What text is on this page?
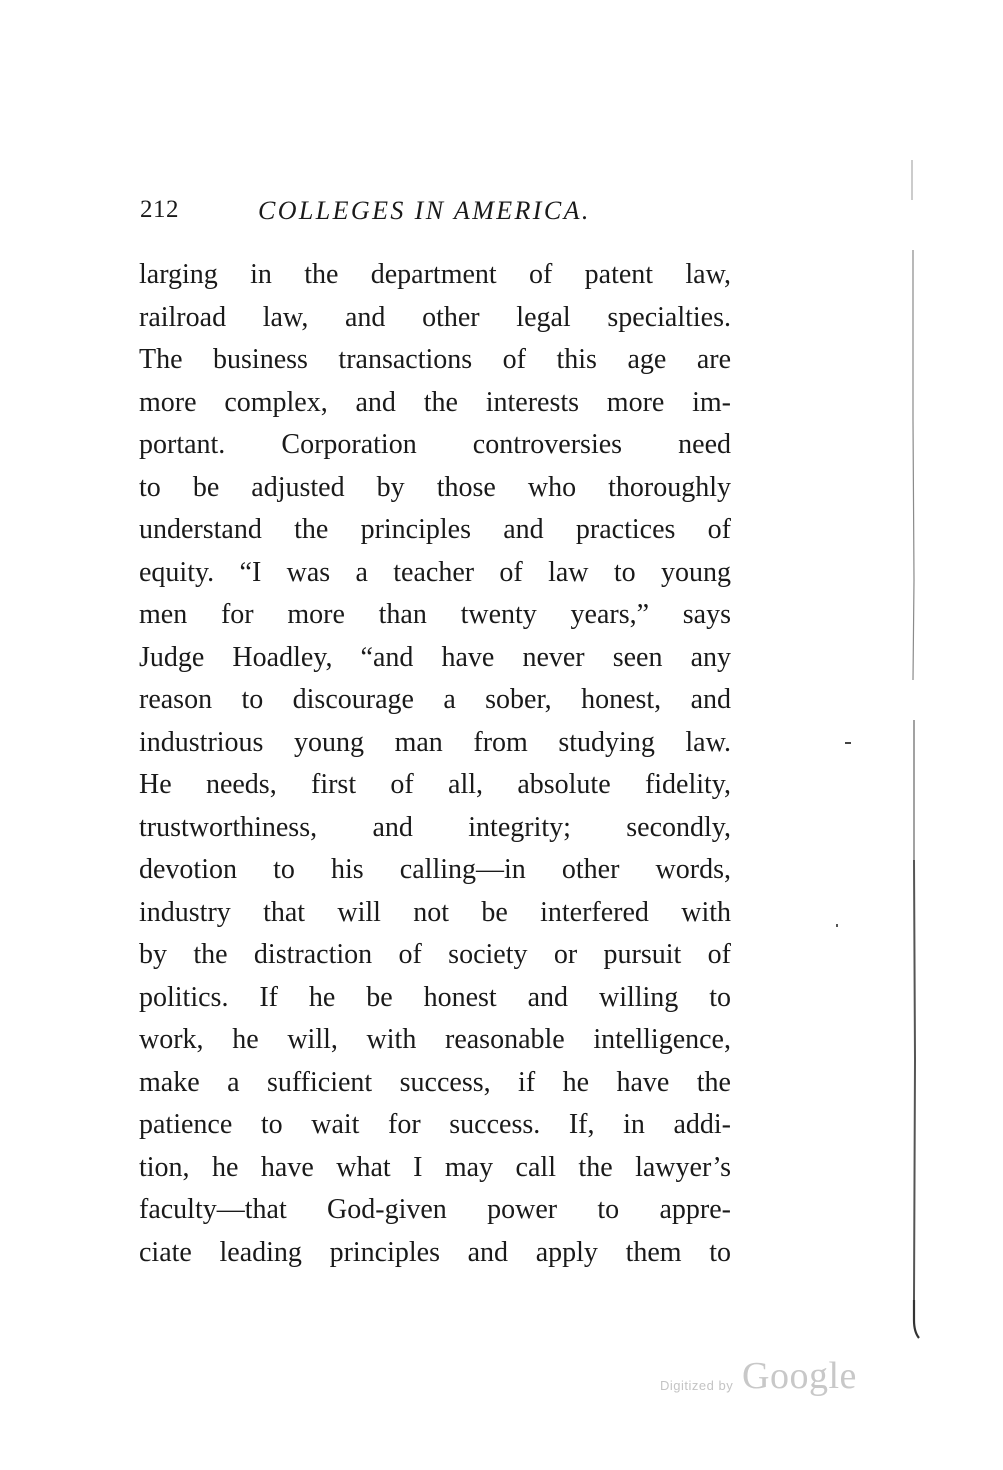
212	COLLEGES IN AMERICA.
larging in the department of patent law,
railroad law, and other legal specialties.
The business transactions of this age are
more complex, and the interests more im-
portant. Corporation controversies need
to be adjusted by those who thoroughly
understand the principles and practices of
equity. “I was a teacher of law to young
men for more than twenty years,” says
Judge Hoadley, “and have never seen any
reason to discourage a sober, honest, and
industrious young man from studying law.
He needs, first of all, absolute fidelity,
trustworthiness, and integrity; secondly,
devotion to his calling—in other words,
industry that will not be interfered with
by the distraction of society or pursuit of
politics. If he be honest and willing to
work, he will, with reasonable intelligence,
make a sufficient success, if he have the
patience to wait for success. If, in addi-
tion, he have what I may call the lawyer’s
faculty—that God-given power to appre-
ciate leading principles and apply them to
Digitized by Google
